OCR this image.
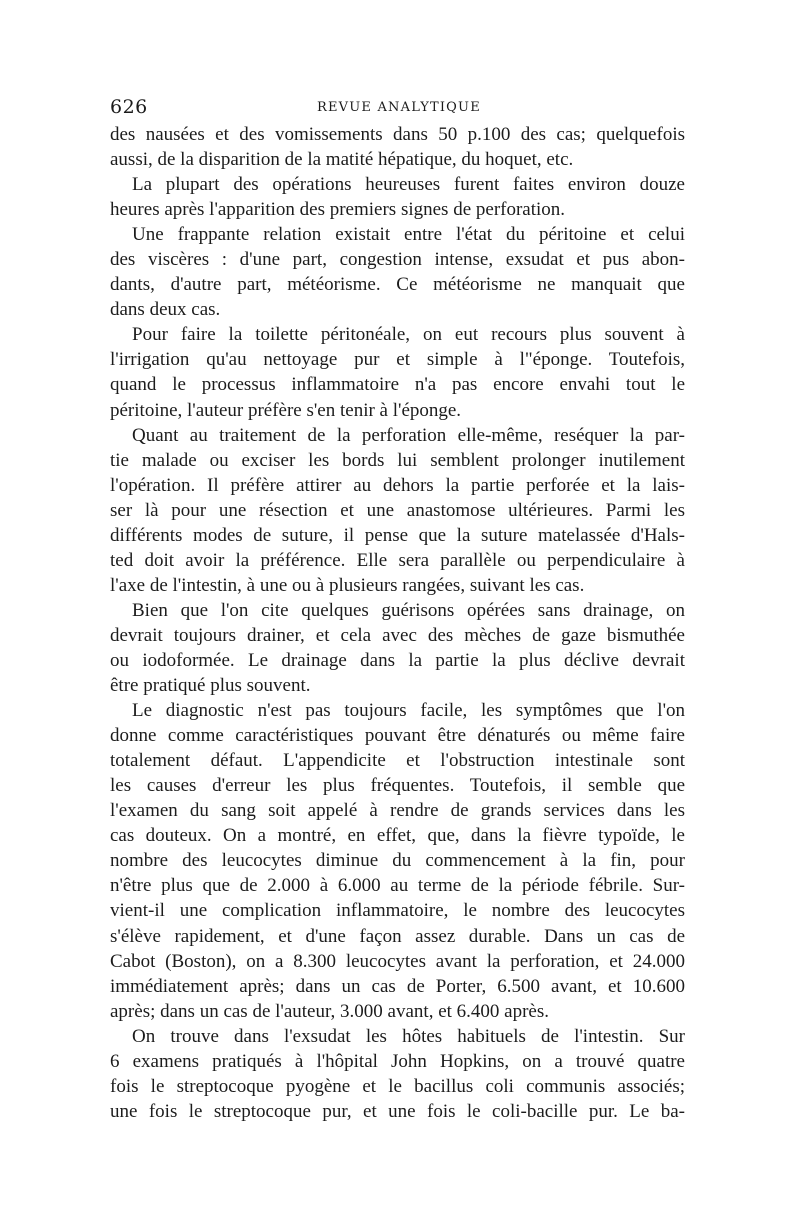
626	REVUE ANALYTIQUE
des nausées et des vomissements dans 50 p.100 des cas; quelquefois
aussi, de la disparition de la matité hépatique, du hoquet, etc.
La plupart des opérations heureuses furent faites environ douze
heures après l'apparition des premiers signes de perforation.
Une frappante relation existait entre l'état du péritoine et celui
des viscères : d'une part, congestion intense, exsudat et pus abon-
dants, d'autre part, météorisme. Ce météorisme ne manquait que
dans deux cas.
Pour faire la toilette péritonéale, on eut recours plus souvent à
l'irrigation qu'au nettoyage pur et simple à l"éponge. Toutefois,
quand le processus inflammatoire n'a pas encore envahi tout le
péritoine, l'auteur préfère s'en tenir à l'éponge.
Quant au traitement de la perforation elle-même, reséquer la par-
tie malade ou exciser les bords lui semblent prolonger inutilement
l'opération. Il préfère attirer au dehors la partie perforée et la lais-
ser là pour une résection et une anastomose ultérieures. Parmi les
différents modes de suture, il pense que la suture matelassée d'Hals-
ted doit avoir la préférence. Elle sera parallèle ou perpendiculaire à
l'axe de l'intestin, à une ou à plusieurs rangées, suivant les cas.
Bien que l'on cite quelques guérisons opérées sans drainage, on
devrait toujours drainer, et cela avec des mèches de gaze bismuthée
ou iodoformée. Le drainage dans la partie la plus déclive devrait
être pratiqué plus souvent.
Le diagnostic n'est pas toujours facile, les symptômes que l'on
donne comme caractéristiques pouvant être dénaturés ou même faire
totalement défaut. L'appendicite et l'obstruction intestinale sont
les causes d'erreur les plus fréquentes. Toutefois, il semble que
l'examen du sang soit appelé à rendre de grands services dans les
cas douteux. On a montré, en effet, que, dans la fièvre typoïde, le
nombre des leucocytes diminue du commencement à la fin, pour
n'être plus que de 2.000 à 6.000 au terme de la période fébrile. Sur-
vient-il une complication inflammatoire, le nombre des leucocytes
s'élève rapidement, et d'une façon assez durable. Dans un cas de
Cabot (Boston), on a 8.300 leucocytes avant la perforation, et 24.000
immédiatement après; dans un cas de Porter, 6.500 avant, et 10.600
après; dans un cas de l'auteur, 3.000 avant, et 6.400 après.
On trouve dans l'exsudat les hôtes habituels de l'intestin. Sur
6 examens pratiqués à l'hôpital John Hopkins, on a trouvé quatre
fois le streptocoque pyogène et le bacillus coli communis associés;
une fois le streptocoque pur, et une fois le coli-bacille pur. Le ba-
